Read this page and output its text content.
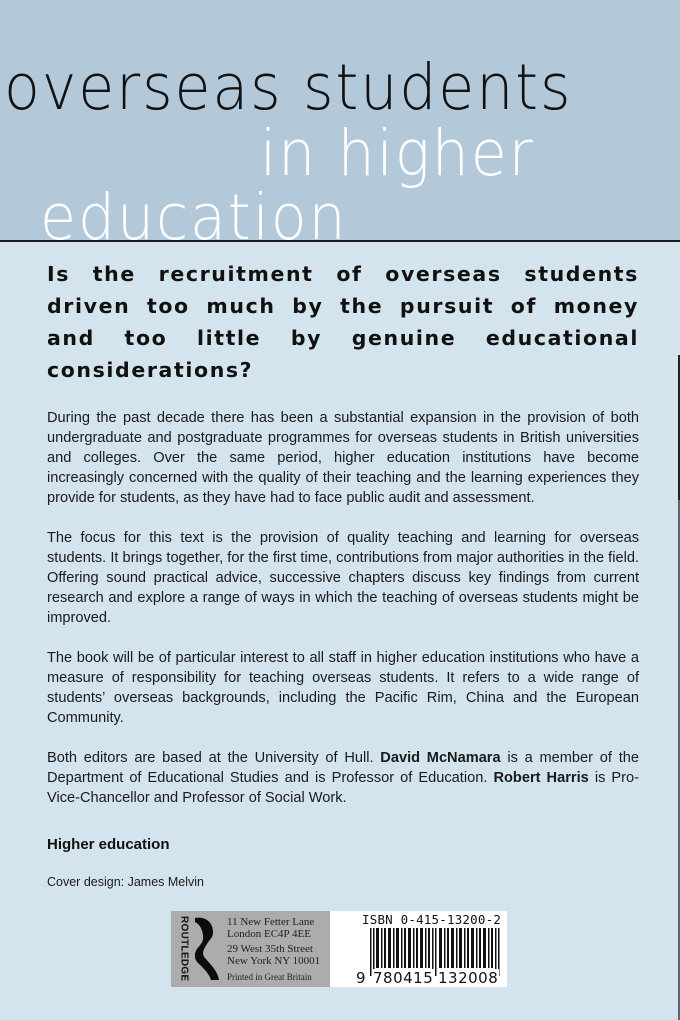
overseas students
in higher
education

Is the recruitment of overseas students driven too much by the pursuit of money and too little by genuine educational considerations?

During the past decade there has been a substantial expansion in the provision of both undergraduate and postgraduate programmes for overseas students in British universities and colleges. Over the same period, higher education institutions have become increasingly concerned with the quality of their teaching and the learning experiences they provide for students, as they have had to face public audit and assessment.

The focus for this text is the provision of quality teaching and learning for overseas students. It brings together, for the first time, contributions from major authorities in the field. Offering sound practical advice, successive chapters discuss key findings from current research and explore a range of ways in which the teaching of overseas students might be improved.

The book will be of particular interest to all staff in higher education institutions who have a measure of responsibility for teaching overseas students. It refers to a wide range of students’ overseas backgrounds, including the Pacific Rim, China and the European Community.

Both editors are based at the University of Hull. David McNamara is a member of the Department of Educational Studies and is Professor of Education. Robert Harris is Pro-Vice-Chancellor and Professor of Social Work.

Higher education
Cover design: James Melvin
ROUTLEDGE	11 New Fetter Lane
London EC4P 4EE
29 West 35th Street
New York NY 10001
Printed in Great Britain
ISBN 0-415-13200-2
9 780415 132008
